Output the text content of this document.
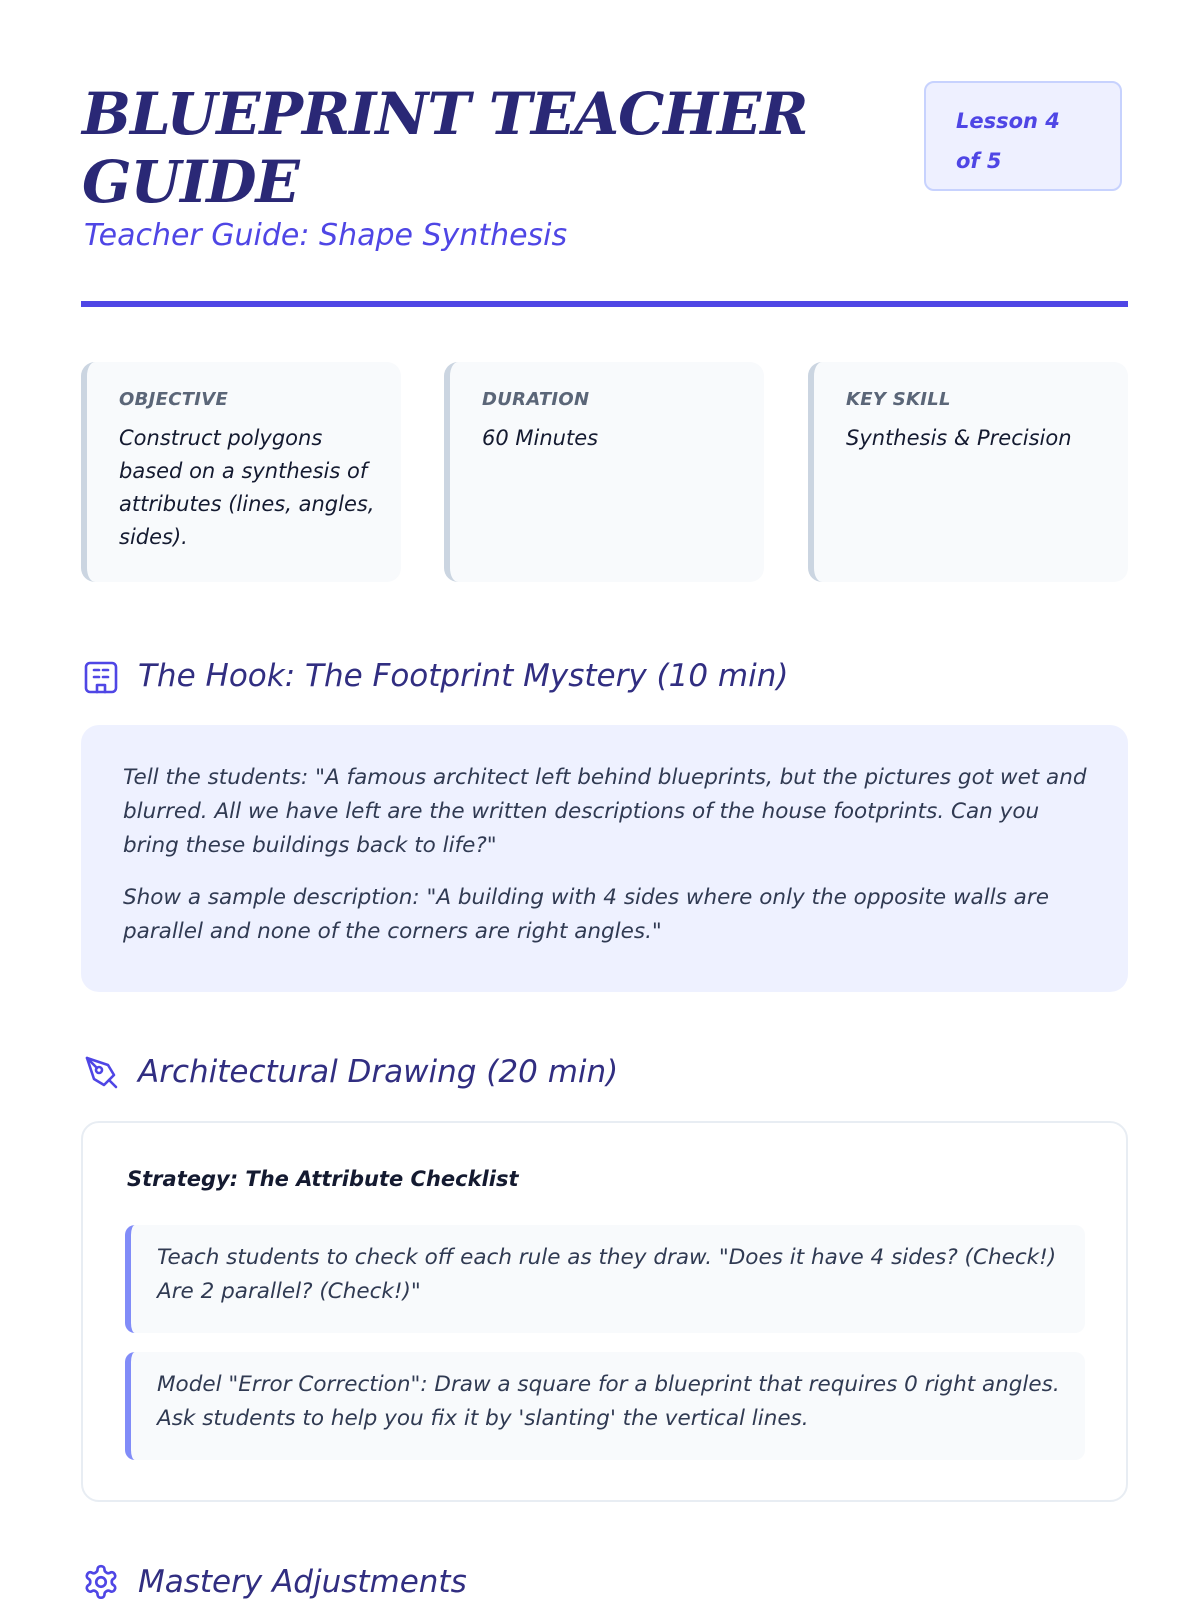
BLUEPRINT TEACHER GUIDE
Teacher Guide: Shape Synthesis
Lesson 4 of 5
OBJECTIVE
Construct polygons based on a synthesis of attributes (lines, angles, sides).
DURATION
60 Minutes
KEY SKILL
Synthesis & Precision
The Hook: The Footprint Mystery (10 min)

Tell the students: "A famous architect left behind blueprints, but the pictures got wet and blurred. All we have left are the written descriptions of the house footprints. Can you bring these buildings back to life?"

Show a sample description: "A building with 4 sides where only the opposite walls are parallel and none of the corners are right angles."

Architectural Drawing (20 min)
Strategy: The Attribute Checklist
Teach students to check off each rule as they draw. "Does it have 4 sides? (Check!) Are 2 parallel? (Check!)"
Model "Error Correction": Draw a square for a blueprint that requires 0 right angles. Ask students to help you fix it by 'slanting' the vertical lines.
Mastery Adjustments
